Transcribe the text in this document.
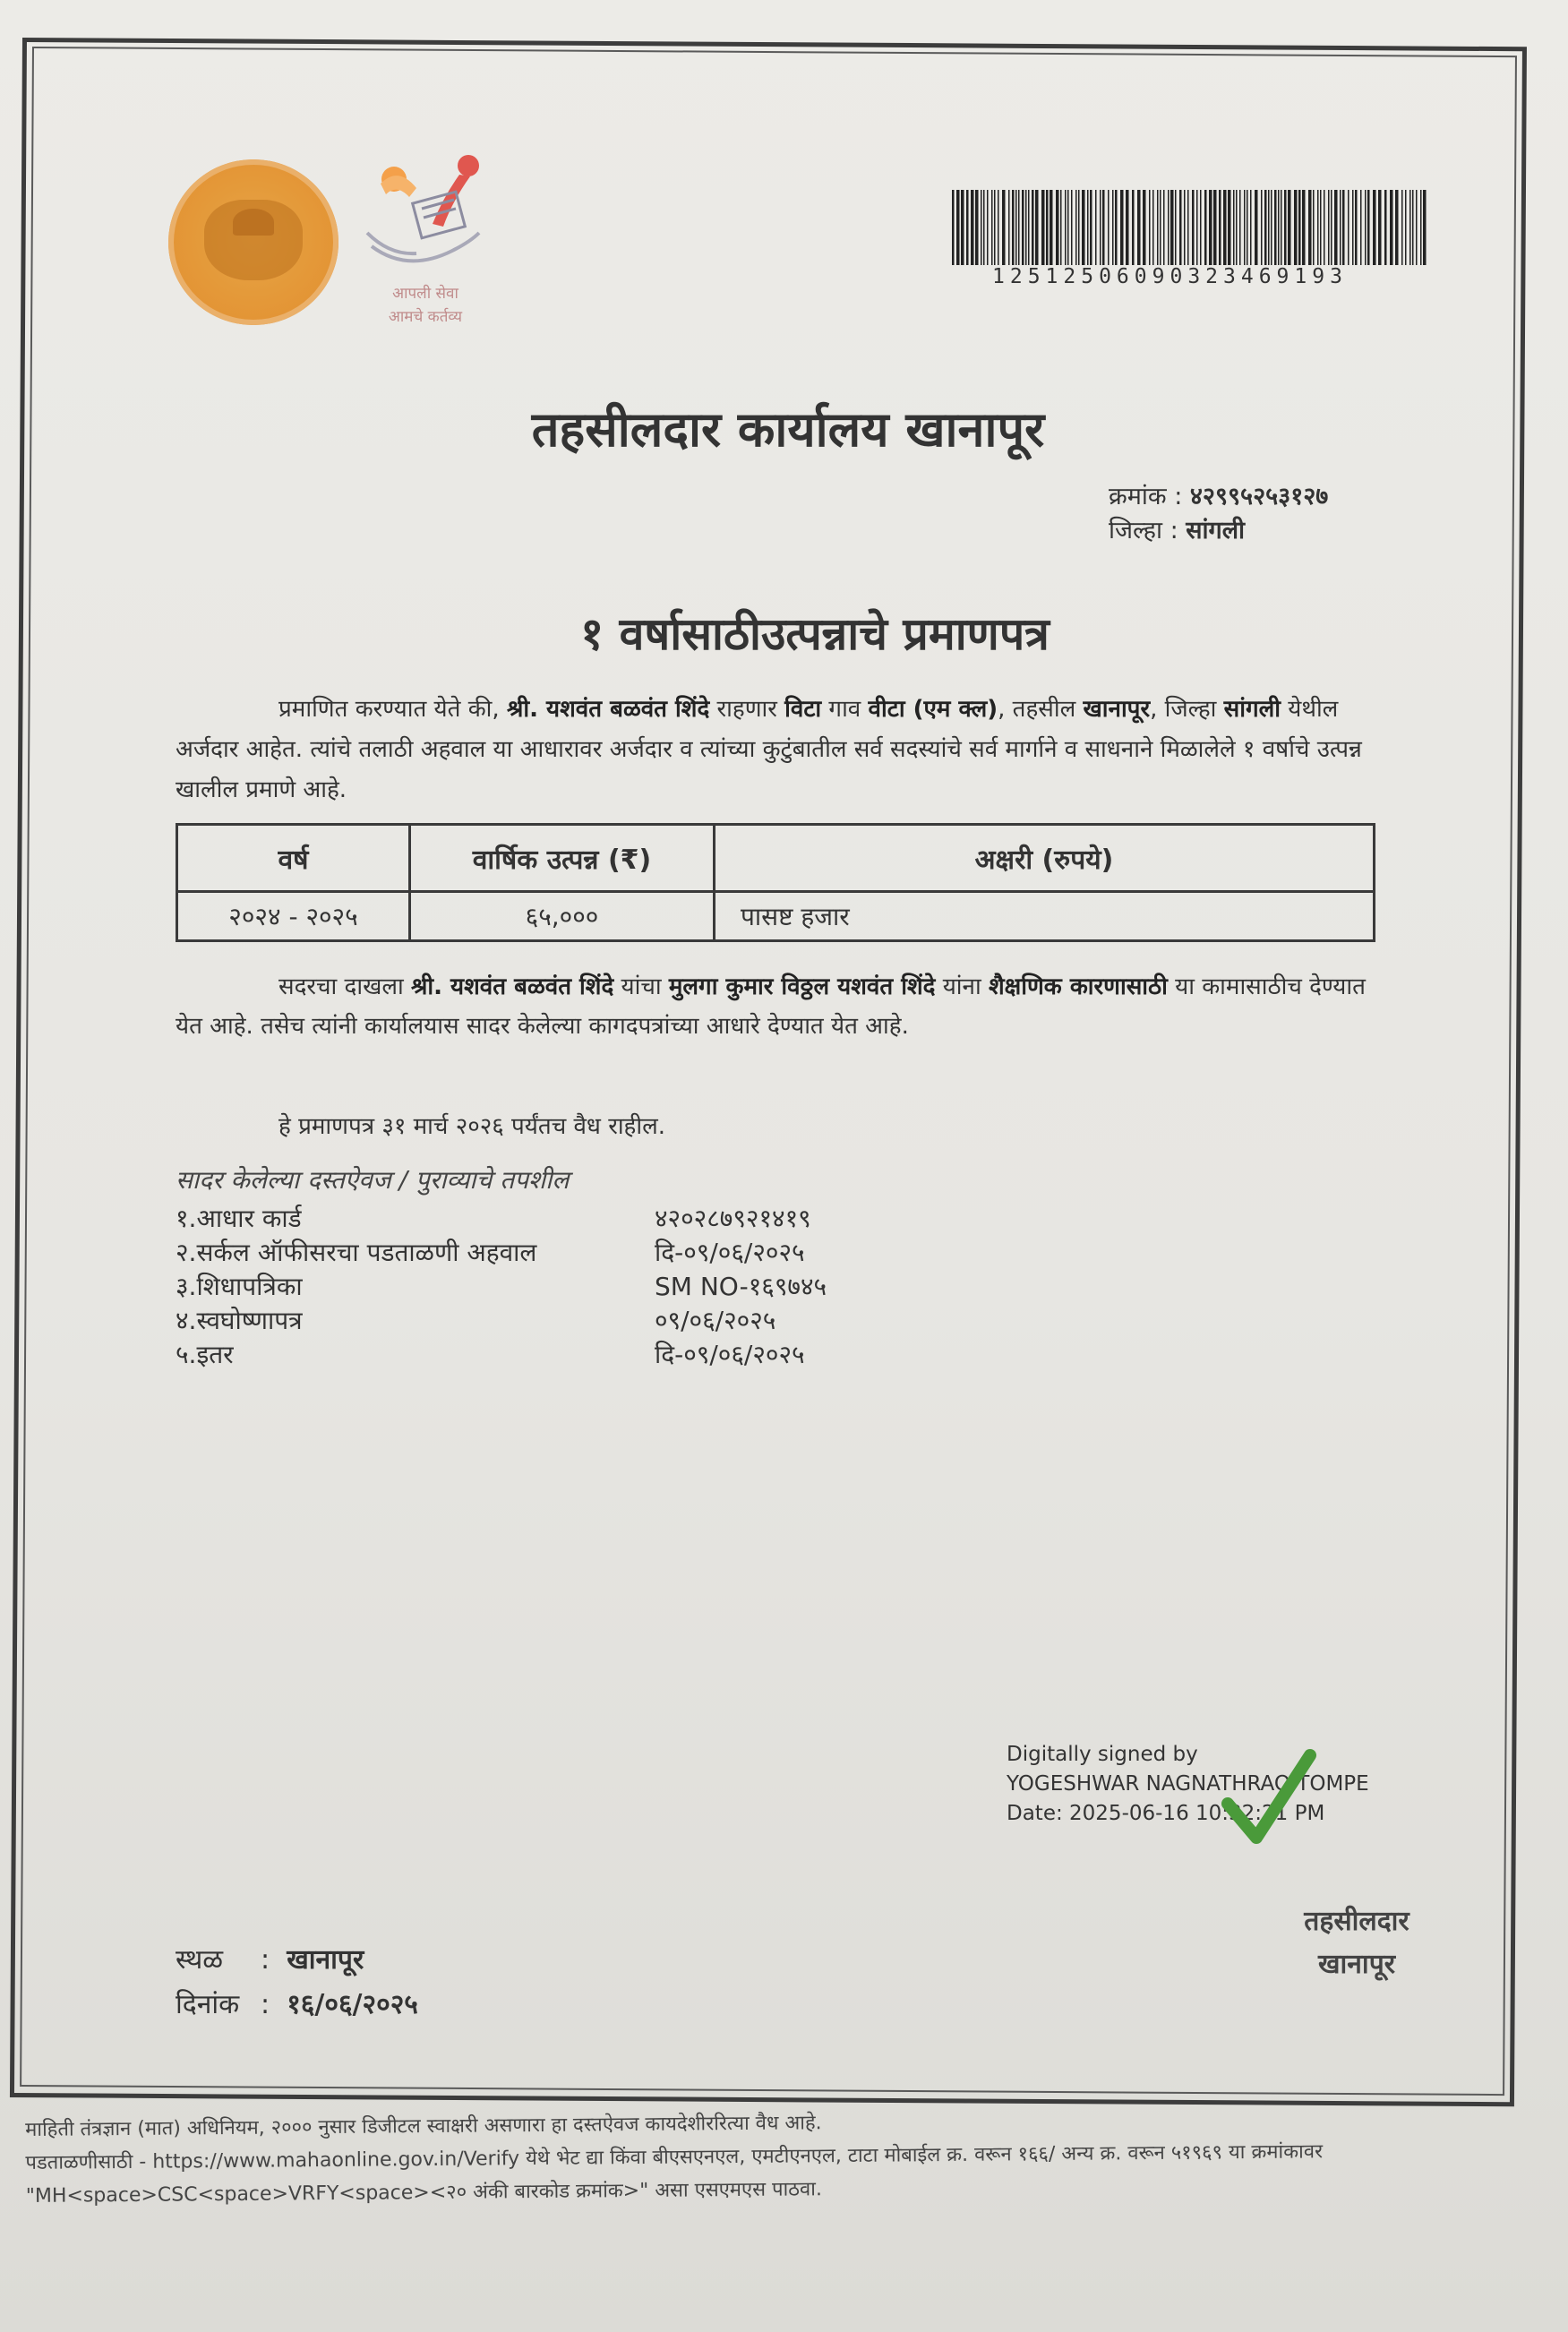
आपली सेवा
आमचे कर्तव्य
12512506090323469193
तहसीलदार कार्यालय खानापूर
क्रमांक : ४२९९५२५३१२७
जिल्हा : सांगली
१ वर्षासाठीउत्पन्नाचे प्रमाणपत्र
प्रमाणित करण्यात येते की, श्री. यशवंत बळवंत शिंदे राहणार विटा गाव वीटा (एम क्ल), तहसील खानापूर, जिल्हा सांगली येथील अर्जदार आहेत. त्यांचे तलाठी अहवाल या आधारावर अर्जदार व त्यांच्या कुटुंबातील सर्व सदस्यांचे सर्व मार्गाने व साधनाने मिळालेले १ वर्षाचे उत्पन्न खालील प्रमाणे आहे.
वर्ष	वार्षिक उत्पन्न (₹)	अक्षरी (रुपये)
२०२४ - २०२५	६५,०००	पासष्ट हजार
सदरचा दाखला श्री. यशवंत बळवंत शिंदे यांचा मुलगा कुमार विठ्ठल यशवंत शिंदे यांना शैक्षणिक कारणासाठी या कामासाठीच देण्यात येत आहे. तसेच त्यांनी कार्यालयास सादर केलेल्या कागदपत्रांच्या आधारे देण्यात येत आहे.
हे प्रमाणपत्र ३१ मार्च २०२६ पर्यंतच वैध राहील.
सादर केलेल्या दस्तऐवज / पुराव्याचे तपशील
१.आधार कार्ड	४२०२८७९२१४१९
२.सर्कल ऑफीसरचा पडताळणी अहवाल	दि-०९/०६/२०२५
३.शिधापत्रिका	SM NO-१६९७४५
४.स्वघोष्णापत्र	०९/०६/२०२५
५.इतर	दि-०९/०६/२०२५
Digitally signed by
YOGESHWAR NAGNATHRAO TOMPE
Date: 2025-06-16 10:32:21 PM
तहसीलदार
खानापूर
स्थळ : खानापूर
दिनांक : १६/०६/२०२५
माहिती तंत्रज्ञान (मात) अधिनियम, २००० नुसार डिजीटल स्वाक्षरी असणारा हा दस्तऐवज कायदेशीररित्या वैध आहे.
पडताळणीसाठी - https://www.mahaonline.gov.in/Verify येथे भेट द्या किंवा बीएसएनएल, एमटीएनएल, टाटा मोबाईल क्र. वरून १६६/ अन्य क्र. वरून ५१९६९ या क्रमांकावर
"MH<space>CSC<space>VRFY<space><२० अंकी बारकोड क्रमांक>" असा एसएमएस पाठवा.
